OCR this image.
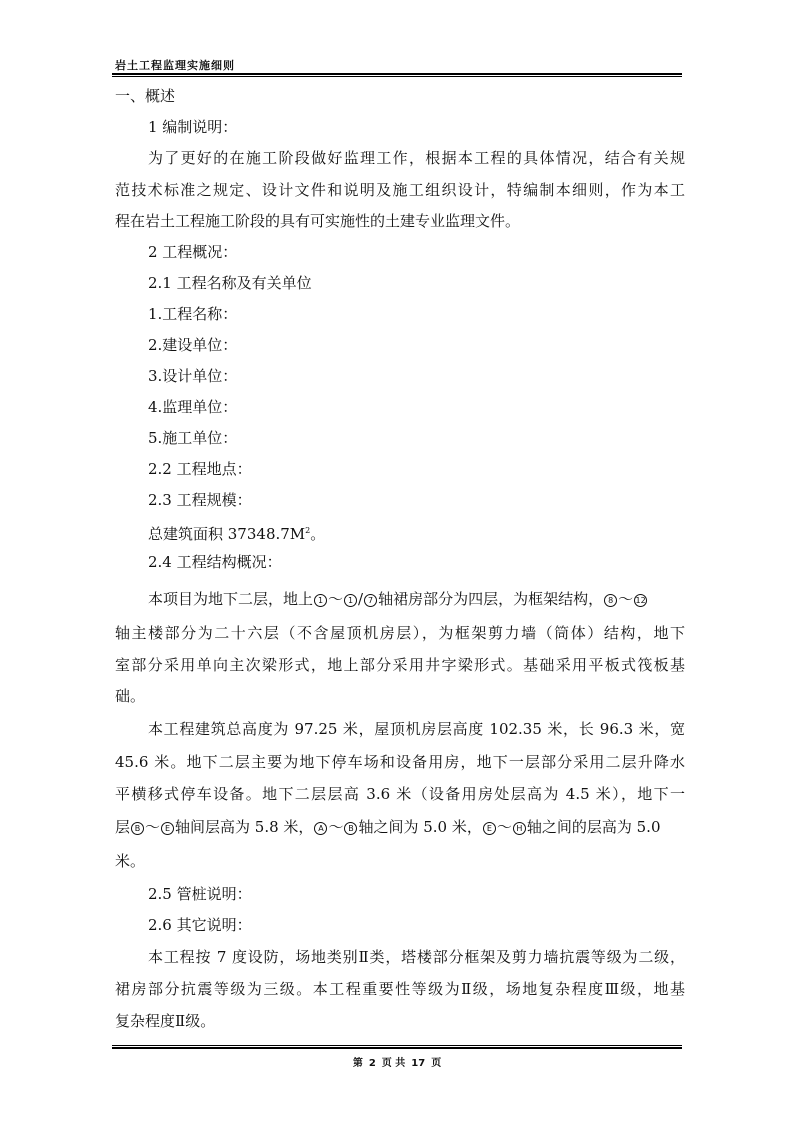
岩土工程监理实施细则
一、概述
1 编制说明：
为了更好的在施工阶段做好监理工作，根据本工程的具体情况，结合有关规
范技术标准之规定、设计文件和说明及施工组织设计，特编制本细则，作为本工
程在岩土工程施工阶段的具有可实施性的土建专业监理文件。
2 工程概况：
2.1 工程名称及有关单位
1.工程名称：
2.建设单位：
3.设计单位：
4.监理单位：
5.施工单位：
2.2 工程地点：
2.3 工程规模：
总建筑面积 $37348.7M^2$。
2.4 工程结构概况：
本项目为地下二层，地上 1 ～ 1 / 7 轴裙房部分为四层，为框架结构， 8 ～ 12
轴主楼部分为二十六层（不含屋顶机房层），为框架剪力墙（筒体）结构，地下
室部分采用单向主次梁形式，地上部分采用井字梁形式。基础采用平板式筏板基
础。
本工程建筑总高度为 97.25 米，屋顶机房层高度 102.35 米，长 96.3 米，宽
45.6 米。地下二层主要为地下停车场和设备用房，地下一层部分采用二层升降水
平横移式停车设备。地下二层层高 3.6 米（设备用房处层高为 4.5 米），地下一
层 B ～ E 轴间层高为 5.8 米， A ～ B 轴之间为 5.0 米， E ～ H 轴之间的层高为 5.0
米。
2.5 管桩说明：
2.6 其它说明：
本工程按 7 度设防，场地类别Ⅱ类，塔楼部分框架及剪力墙抗震等级为二级，
裙房部分抗震等级为三级。本工程重要性等级为Ⅱ级，场地复杂程度Ⅲ级，地基
复杂程度Ⅱ级。
第 2 页 共 17 页
